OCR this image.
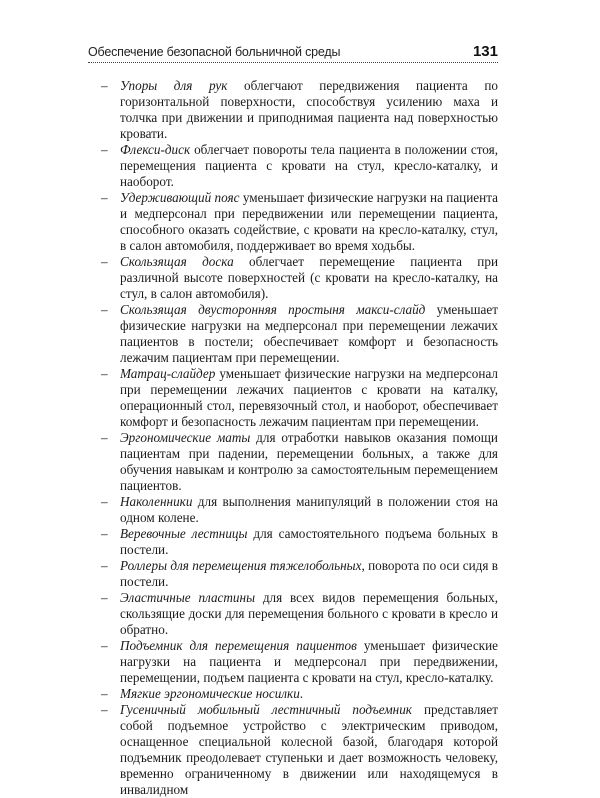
Обеспечение безопасной больничной среды	131

– Упоры для рук облегчают передвижения пациента по горизонтальной поверхности, способствуя усилению маха и толчка при движении и приподнимая пациента над поверхностью кровати.

– Флекси-диск облегчает повороты тела пациента в положении стоя, перемещения пациента с кровати на стул, кресло-каталку, и наоборот.

– Удерживающий пояс уменьшает физические нагрузки на пациента и медперсонал при передвижении или перемещении пациента, способного оказать содействие, с кровати на кресло-каталку, стул, в салон автомобиля, поддерживает во время ходьбы.

– Скользящая доска облегчает перемещение пациента при различной высоте поверхностей (с кровати на кресло-каталку, на стул, в салон автомобиля).

– Скользящая двусторонняя простыня макси-слайд уменьшает физические нагрузки на медперсонал при перемещении лежачих пациентов в постели; обеспечивает комфорт и безопасность лежачим пациентам при перемещении.

– Матрац-слайдер уменьшает физические нагрузки на медперсонал при перемещении лежачих пациентов с кровати на каталку, операционный стол, перевязочный стол, и наоборот, обеспечивает комфорт и безопасность лежачим пациентам при перемещении.

– Эргономические маты для отработки навыков оказания помощи пациентам при падении, перемещении больных, а также для обучения навыкам и контролю за самостоятельным перемещением пациентов.

– Наколенники для выполнения манипуляций в положении стоя на одном колене.

– Веревочные лестницы для самостоятельного подъема больных в постели.

– Роллеры для перемещения тяжелобольных, поворота по оси сидя в постели.

– Эластичные пластины для всех видов перемещения больных, скользящие доски для перемещения больного с кровати в кресло и обратно.

– Подъемник для перемещения пациентов уменьшает физические нагрузки на пациента и медперсонал при передвижении, перемещении, подъем пациента с кровати на стул, кресло-каталку.

– Мягкие эргономические носилки.

– Гусеничный мобильный лестничный подъемник представляет собой подъемное устройство с электрическим приводом, оснащенное специальной колесной базой, благодаря которой подъемник преодолевает ступеньки и дает возможность человеку, временно ограниченному в движении или находящемуся в инвалидном
